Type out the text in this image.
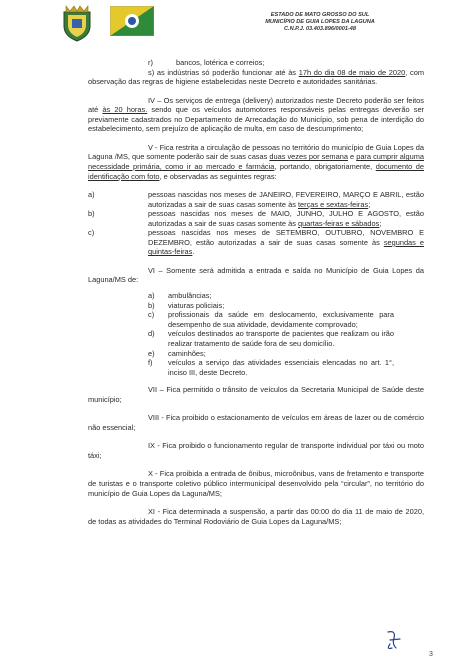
ESTADO DE MATO GROSSO DO SUL
MUNICÍPIO DE GUIA LOPES DA LAGUNA
C.N.P.J. 03.403.896/0001-48
r)	bancos, lotérica e correios;
s) as indústrias só poderão funcionar até às 17h do dia 08 de maio de 2020, com observação das regras de higiene estabelecidas neste Decreto e autoridades sanitárias.
IV – Os serviços de entrega (delivery) autorizados neste Decreto poderão ser feitos até às 20 horas. sendo que os veículos automotores responsáveis pelas entregas deverão ser previamente cadastrados no Departamento de Arrecadação do Município, sob pena de interdição do estabelecimento, sem prejuízo de aplicação de multa, em caso de descumprimento;
V - Fica restrita a circulação de pessoas no território do município de Guia Lopes da Laguna /MS, que somente poderão sair de suas casas duas vezes por semana e para cumprir alguma necessidade primária, como ir ao mercado e farmácia, portando, obrigatoriamente, documento de identificação com foto, e observadas as seguintes regras:
a)	pessoas nascidas nos meses de JANEIRO, FEVEREIRO, MARÇO E ABRIL, estão autorizadas a sair de suas casas somente às terças e sextas-feiras;
b)	pessoas nascidas nos meses de MAIO, JUNHO, JULHO E AGOSTO, estão autorizadas a sair de suas casas somente às quartas-feiras e sábados;
c)	pessoas nascidas nos meses de SETEMBRO, OUTUBRO, NOVEMBRO E DEZEMBRO, estão autorizadas a sair de suas casas somente às segundas e quintas-feiras.
VI – Somente será admitida a entrada e saída no Município de Guia Lopes da Laguna/MS de:
a)	ambulâncias;
b)	viaturas policiais;
c)	profissionais da saúde em deslocamento, exclusivamente para desempenho de sua atividade, devidamente comprovado;
d)	veículos destinados ao transporte de pacientes que realizam ou irão realizar tratamento de saúde fora de seu domicílio.
e)	caminhões;
f)	veículos a serviço das atividades essenciais elencadas no art. 1°, inciso III, deste Decreto.
VII – Fica permitido o trânsito de veículos da Secretaria Municipal de Saúde deste município;
VIII - Fica proibido o estacionamento de veículos em áreas de lazer ou de comércio não essencial;
IX - Fica proibido o funcionamento regular de transporte individual por táxi ou moto táxi;
X - Fica proibida a entrada de ônibus, microônibus, vans de fretamento e transporte de turistas e o transporte coletivo público intermunicipal desenvolvido pela “circular”, no território do município de Guia Lopes da Laguna/MS;
XI - Fica determinada a suspensão, a partir das 00:00 do dia 11 de maio de 2020, de todas as atividades do Terminal Rodoviário de Guia Lopes da Laguna/MS;
3
